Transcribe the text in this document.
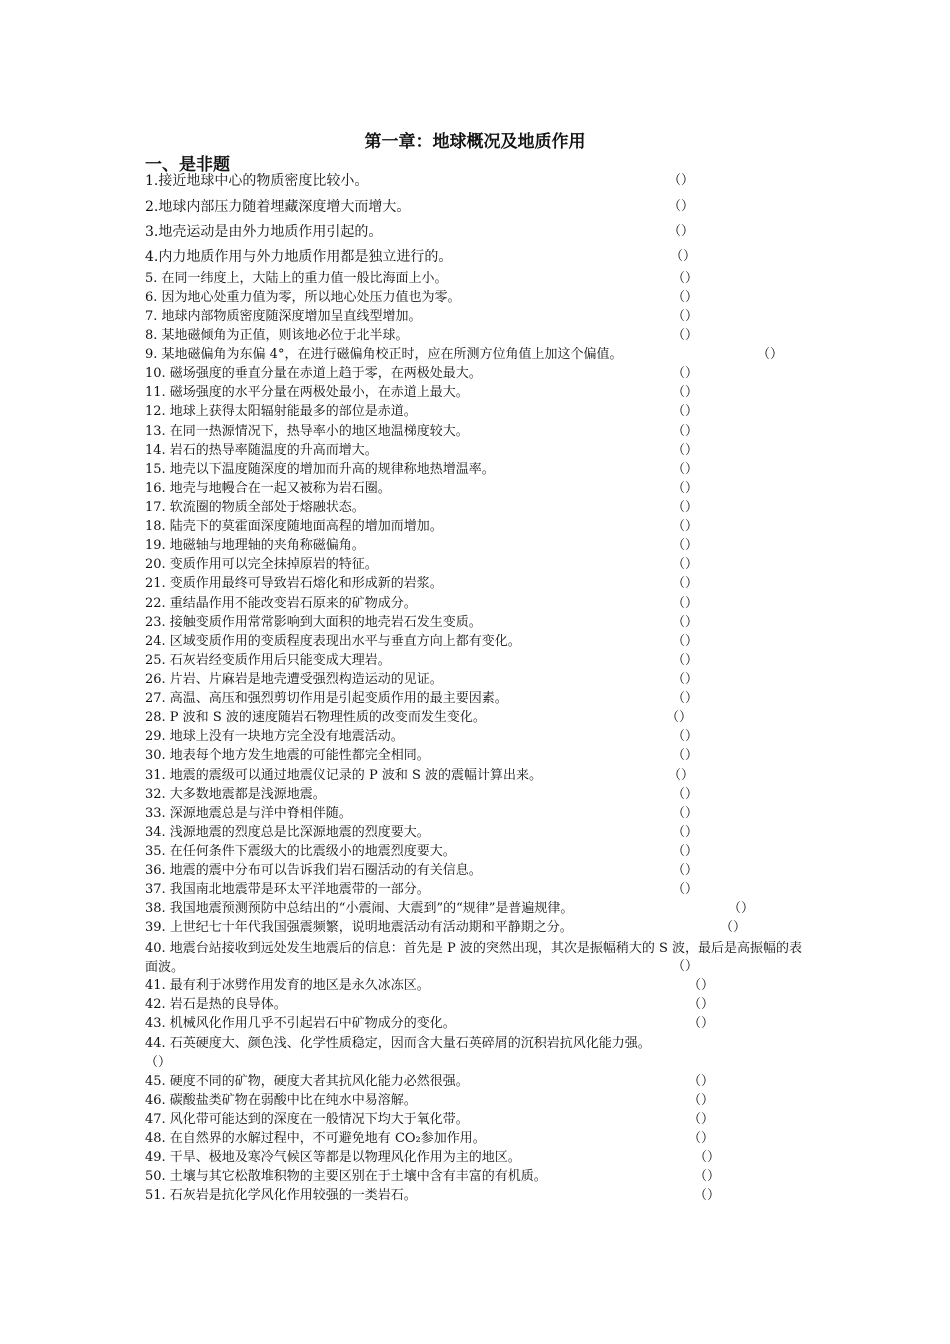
第一章：地球概况及地质作用
一、是非题
1.接近地球中心的物质密度比较小。	（）
2.地球内部压力随着埋藏深度增大而增大。	（）
3.地壳运动是由外力地质作用引起的。	（）
4.内力地质作用与外力地质作用都是独立进行的。	（）
5. 在同一纬度上，大陆上的重力值一般比海面上小。	（）
6. 因为地心处重力值为零，所以地心处压力值也为零。	（）
7. 地球内部物质密度随深度增加呈直线型增加。	（）
8. 某地磁倾角为正值，则该地必位于北半球。	（）
9. 某地磁偏角为东偏 4°，在进行磁偏角校正时，应在所测方位角值上加这个偏值。	（）
10. 磁场强度的垂直分量在赤道上趋于零，在两极处最大。	（）
11. 磁场强度的水平分量在两极处最小，在赤道上最大。	（）
12. 地球上获得太阳辐射能最多的部位是赤道。	（）
13. 在同一热源情况下，热导率小的地区地温梯度较大。	（）
14. 岩石的热导率随温度的升高而增大。	（）
15. 地壳以下温度随深度的增加而升高的规律称地热增温率。	（）
16. 地壳与地幔合在一起又被称为岩石圈。	（）
17. 软流圈的物质全部处于熔融状态。	（）
18. 陆壳下的莫霍面深度随地面高程的增加而增加。	（）
19. 地磁轴与地理轴的夹角称磁偏角。	（）
20. 变质作用可以完全抹掉原岩的特征。	（）
21. 变质作用最终可导致岩石熔化和形成新的岩浆。	（）
22. 重结晶作用不能改变岩石原来的矿物成分。	（）
23. 接触变质作用常常影响到大面积的地壳岩石发生变质。	（）
24. 区域变质作用的变质程度表现出水平与垂直方向上都有变化。	（）
25. 石灰岩经变质作用后只能变成大理岩。	（）
26. 片岩、片麻岩是地壳遭受强烈构造运动的见证。	（）
27. 高温、高压和强烈剪切作用是引起变质作用的最主要因素。	（）
28. P 波和 S 波的速度随岩石物理性质的改变而发生变化。	（）
29. 地球上没有一块地方完全没有地震活动。	（）
30. 地表每个地方发生地震的可能性都完全相同。	（）
31. 地震的震级可以通过地震仪记录的 P 波和 S 波的震幅计算出来。	（）
32. 大多数地震都是浅源地震。	（）
33. 深源地震总是与洋中脊相伴随。	（）
34. 浅源地震的烈度总是比深源地震的烈度要大。	（）
35. 在任何条件下震级大的比震级小的地震烈度要大。	（）
36. 地震的震中分布可以告诉我们岩石圈活动的有关信息。	（）
37. 我国南北地震带是环太平洋地震带的一部分。	（）
38. 我国地震预测预防中总结出的“小震闹、大震到”的“规律”是普遍规律。	（）
39. 上世纪七十年代我国强震频繁，说明地震活动有活动期和平静期之分。	（）
40. 地震台站接收到远处发生地震后的信息：首先是 P 波的突然出现，其次是振幅稍大的 S 波，最后是高振幅的表面波。	（）
41. 最有利于冰劈作用发育的地区是永久冰冻区。	（）
42. 岩石是热的良导体。	（）
43. 机械风化作用几乎不引起岩石中矿物成分的变化。	（）
44. 石英硬度大、颜色浅、化学性质稳定，因而含大量石英碎屑的沉积岩抗风化能力强。
（）
45. 硬度不同的矿物，硬度大者其抗风化能力必然很强。	（）
46. 碳酸盐类矿物在弱酸中比在纯水中易溶解。	（）
47. 风化带可能达到的深度在一般情况下均大于氧化带。	（）
48. 在自然界的水解过程中，不可避免地有 CO₂参加作用。	（）
49. 干旱、极地及寒冷气候区等都是以物理风化作用为主的地区。	（）
50. 土壤与其它松散堆积物的主要区别在于土壤中含有丰富的有机质。	（）
51. 石灰岩是抗化学风化作用较强的一类岩石。	（）
